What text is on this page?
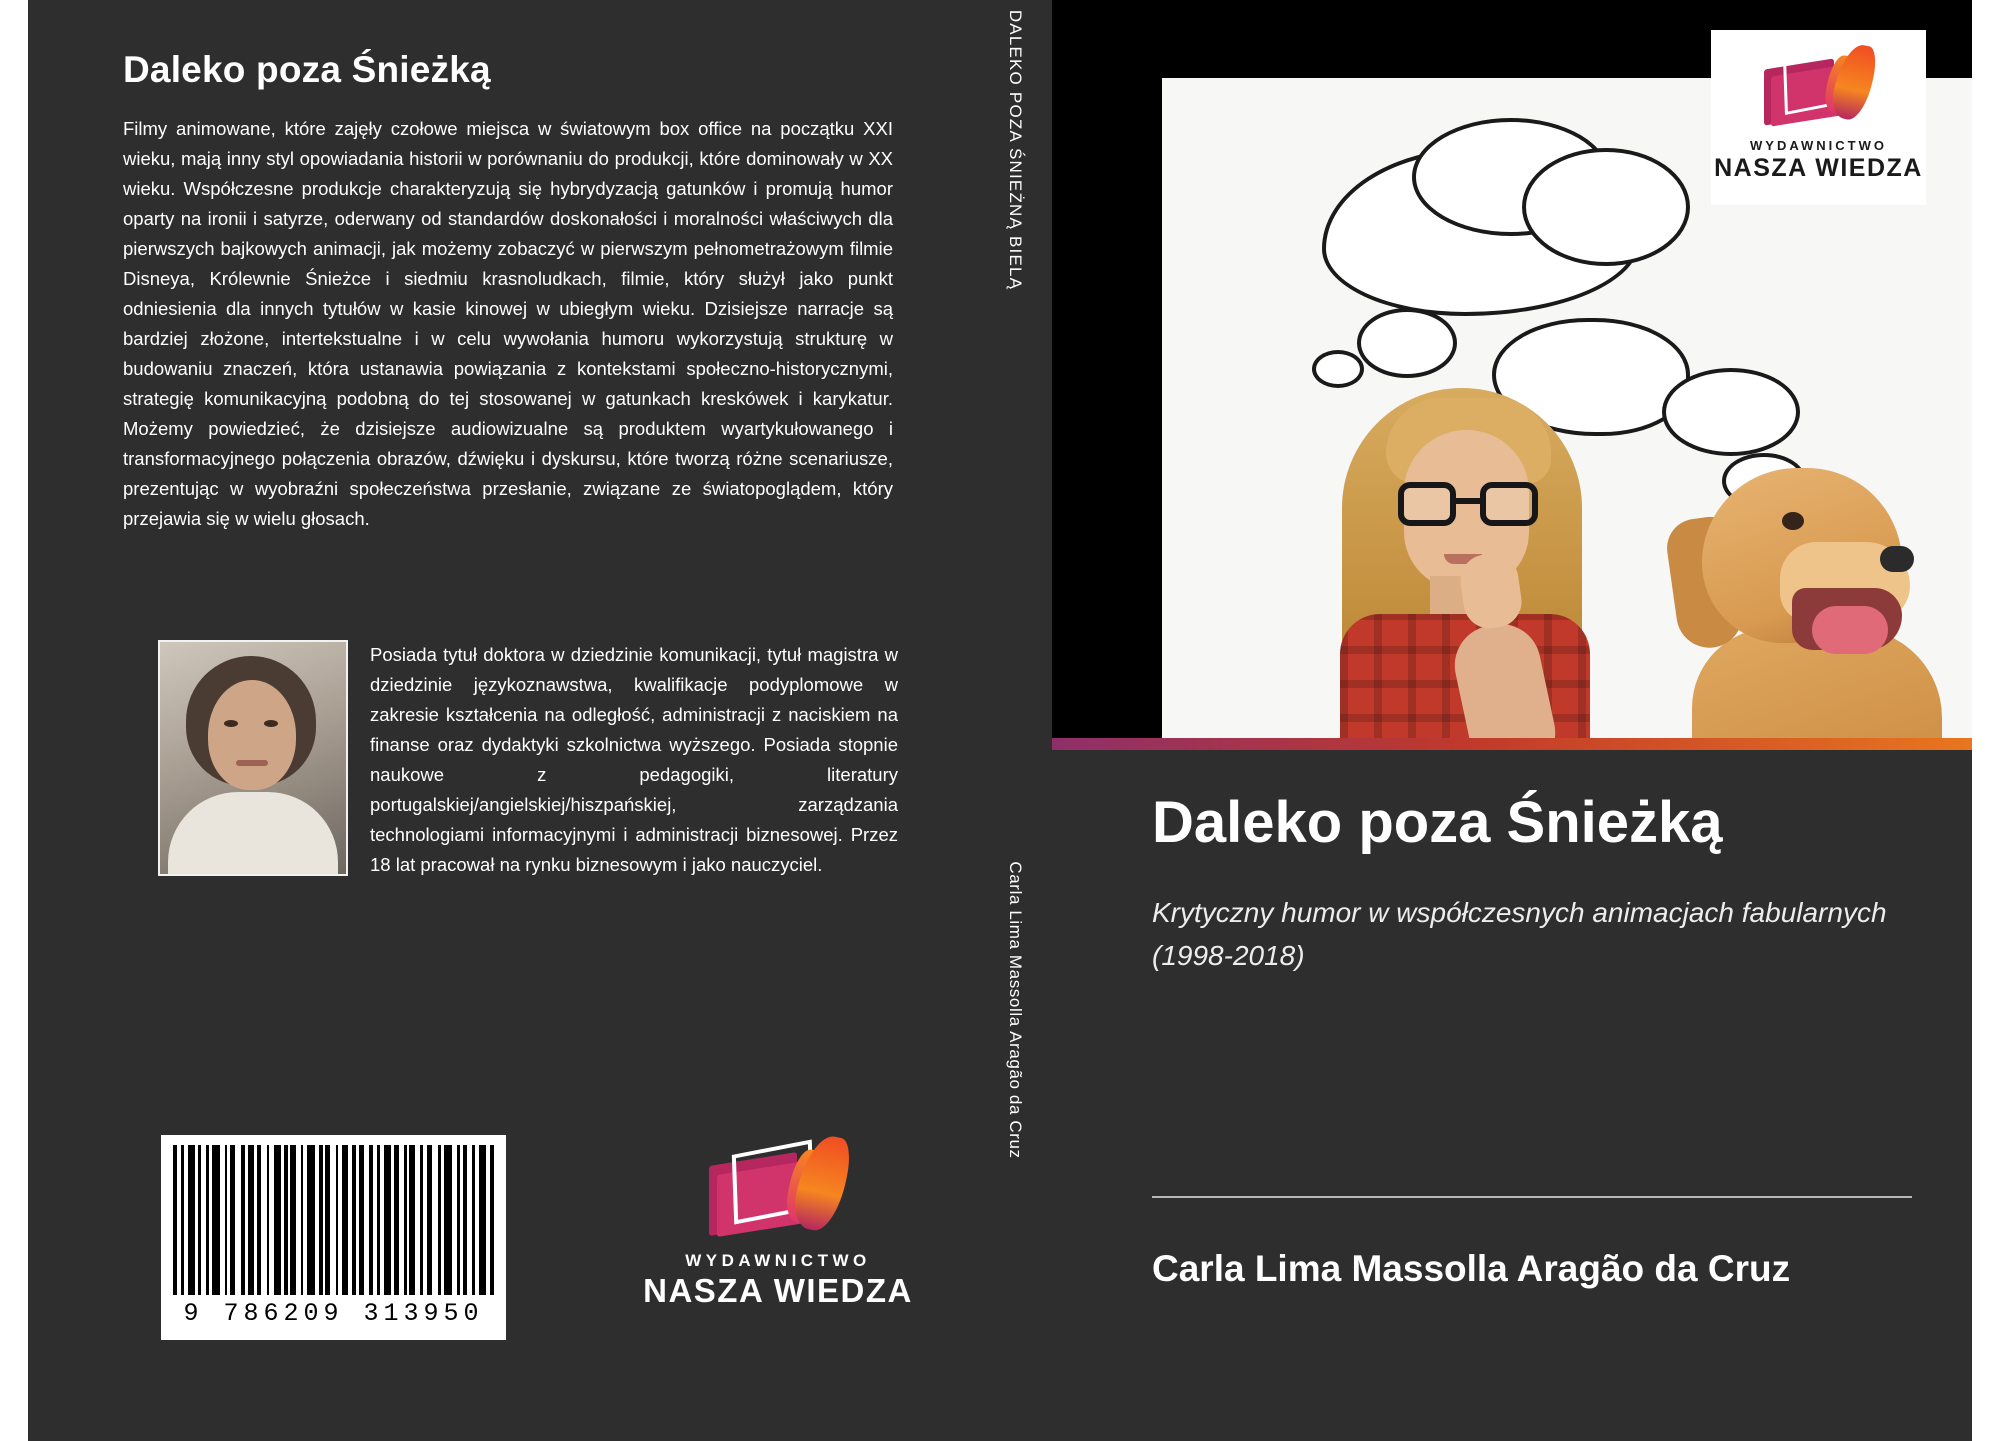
Daleko poza Śnieżką

Filmy animowane, które zajęły czołowe miejsca w światowym box office na początku XXI wieku, mają inny styl opowiadania historii w porównaniu do produkcji, które dominowały w XX wieku. Współczesne produkcje charakteryzują się hybrydyzacją gatunków i promują humor oparty na ironii i satyrze, oderwany od standardów doskonałości i moralności właściwych dla pierwszych bajkowych animacji, jak możemy zobaczyć w pierwszym pełnometrażowym filmie Disneya, Królewnie Śnieżce i siedmiu krasnoludkach, filmie, który służył jako punkt odniesienia dla innych tytułów w kasie kinowej w ubiegłym wieku. Dzisiejsze narracje są bardziej złożone, intertekstualne i w celu wywołania humoru wykorzystują strukturę w budowaniu znaczeń, która ustanawia powiązania z kontekstami społeczno-historycznymi, strategię komunikacyjną podobną do tej stosowanej w gatunkach kreskówek i karykatur. Możemy powiedzieć, że dzisiejsze audiowizualne są produktem wyartykułowanego i transformacyjnego połączenia obrazów, dźwięku i dyskursu, które tworzą różne scenariusze, prezentując w wyobraźni społeczeństwa przesłanie, związane ze światopoglądem, który przejawia się w wielu głosach.

Posiada tytuł doktora w dziedzinie komunikacji, tytuł magistra w dziedzinie językoznawstwa, kwalifikacje podyplomowe w zakresie kształcenia na odległość, administracji z naciskiem na finanse oraz dydaktyki szkolnictwa wyższego. Posiada stopnie naukowe z pedagogiki, literatury portugalskiej/angielskiej/hiszpańskiej, zarządzania technologiami informacyjnymi i administracji biznesowej. Przez 18 lat pracował na rynku biznesowym i jako nauczyciel.
9 786209 313950
WYDAWNICTWO
NASZA WIEDZA
DALEKO POZA ŚNIEŻNĄ BIELĄ
Carla Lima Massolla Aragão da Cruz
WYDAWNICTWO
NASZA WIEDZA
Daleko poza Śnieżką

Krytyczny humor w współczesnych animacjach fabularnych (1998-2018)

Carla Lima Massolla Aragão da Cruz
